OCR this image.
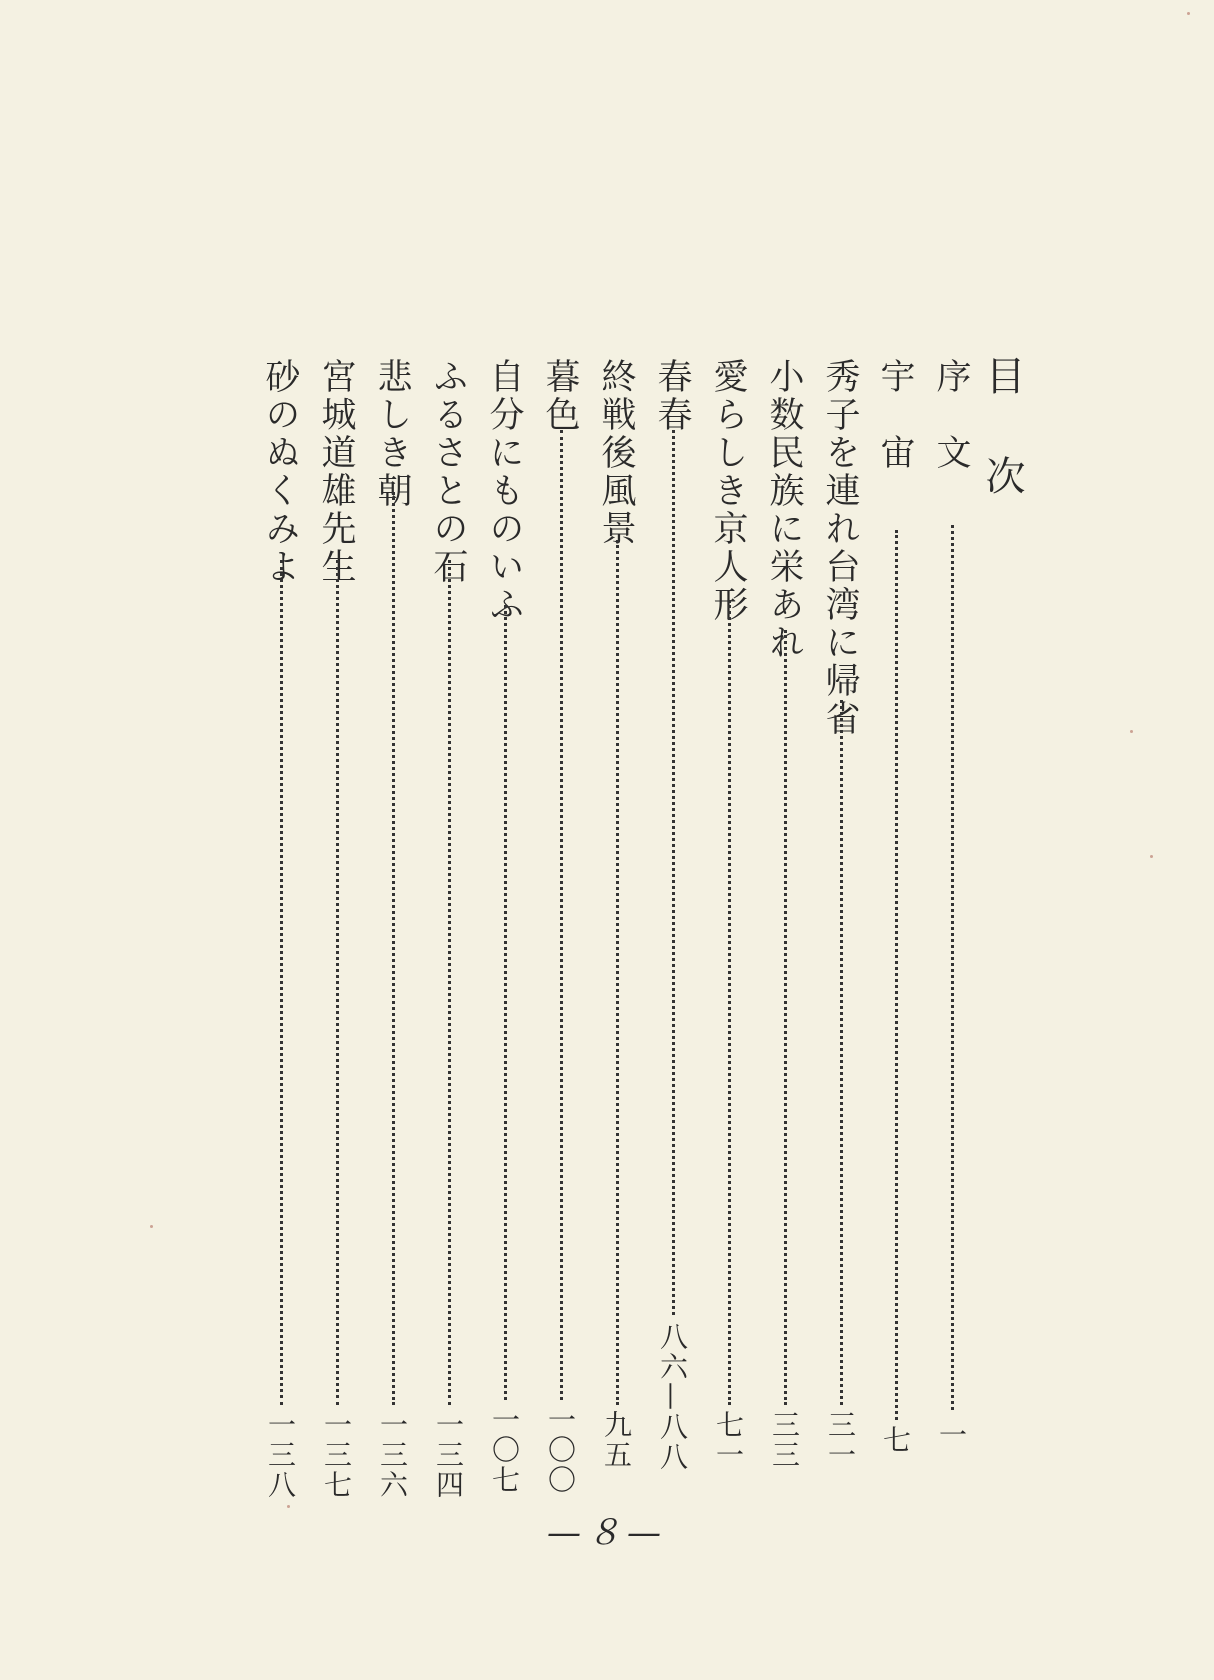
目　次
序　文
一
宇　宙
七
秀子を連れ台湾に帰省
三一
小数民族に栄あれ
三三
愛らしき京人形
七一
春春
八六—八八
終戦後風景
九五
暮色
一〇〇
自分にものいふ
一〇七
ふるさとの石
一三四
悲しき朝
一三六
宮城道雄先生
一三七
砂のぬくみよ
一三八
—８—
